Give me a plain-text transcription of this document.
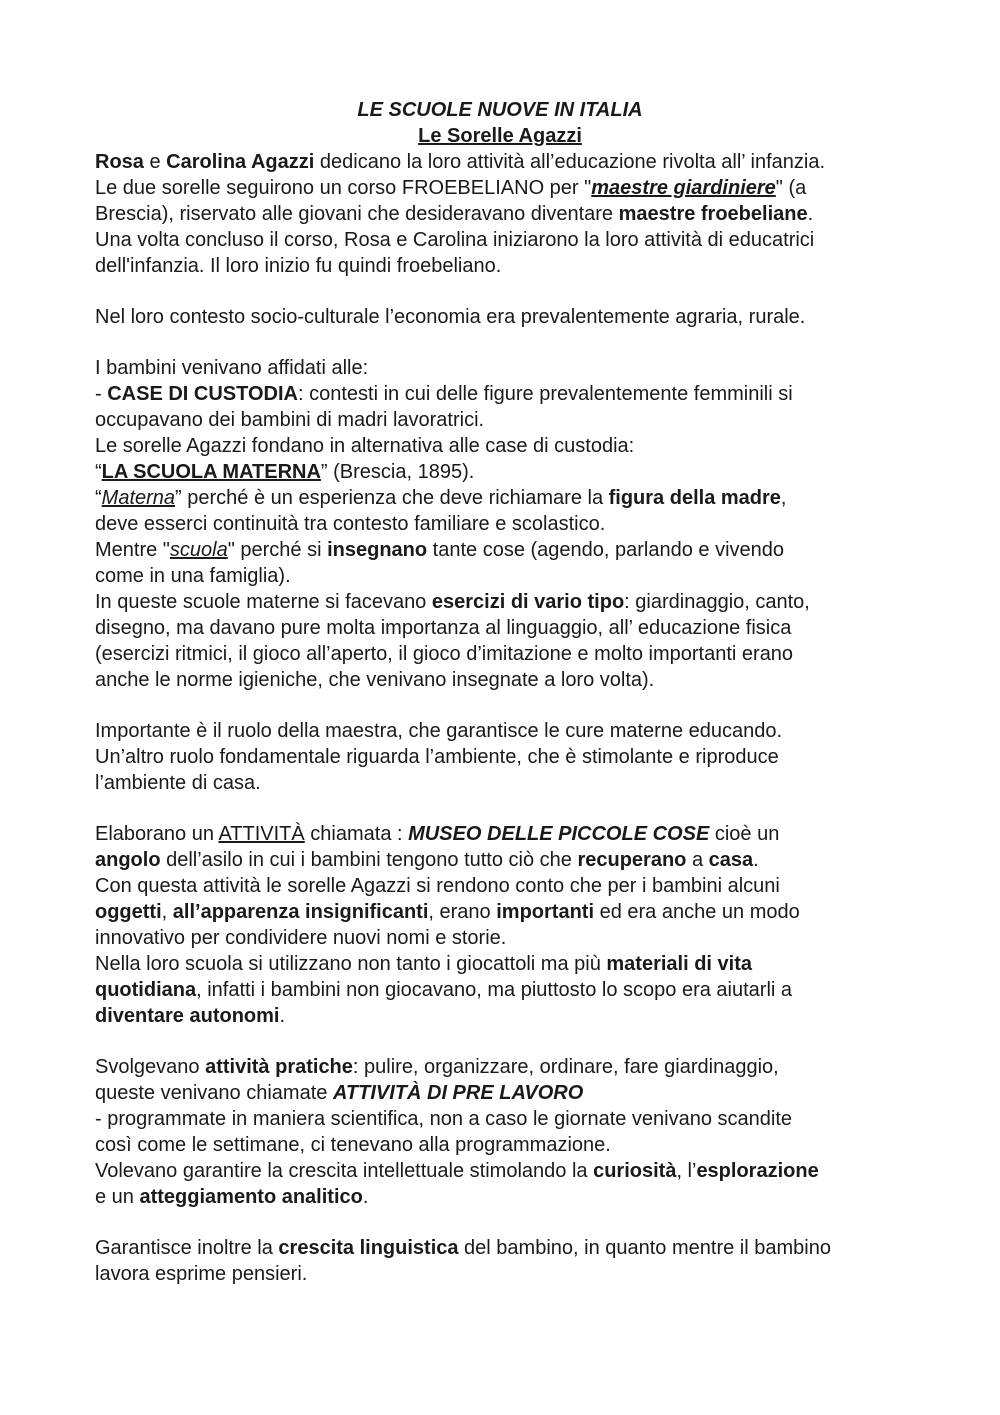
LE SCUOLE NUOVE IN ITALIA
Le Sorelle Agazzi
Rosa e Carolina Agazzi dedicano la loro attività all’educazione rivolta all’ infanzia.
Le due sorelle seguirono un corso FROEBELIANO per "maestre giardiniere" (a
Brescia), riservato alle giovani che desideravano diventare maestre froebeliane.
Una volta concluso il corso, Rosa e Carolina iniziarono la loro attività di educatrici
dell'infanzia. Il loro inizio fu quindi froebeliano.
Nel loro contesto socio-culturale l’economia era prevalentemente agraria, rurale.
I bambini venivano affidati alle:
- CASE DI CUSTODIA: contesti in cui delle figure prevalentemente femminili si
occupavano dei bambini di madri lavoratrici.
Le sorelle Agazzi fondano in alternativa alle case di custodia:
“LA SCUOLA MATERNA” (Brescia, 1895).
“Materna” perché è un esperienza che deve richiamare la figura della madre,
deve esserci continuità tra contesto familiare e scolastico.
Mentre "scuola" perché si insegnano tante cose (agendo, parlando e vivendo
come in una famiglia).
In queste scuole materne si facevano esercizi di vario tipo: giardinaggio, canto,
disegno, ma davano pure molta importanza al linguaggio, all’ educazione fisica
(esercizi ritmici, il gioco all’aperto, il gioco d’imitazione e molto importanti erano
anche le norme igieniche, che venivano insegnate a loro volta).
Importante è il ruolo della maestra, che garantisce le cure materne educando.
Un’altro ruolo fondamentale riguarda l’ambiente, che è stimolante e riproduce
l’ambiente di casa.
Elaborano un ATTIVITÀ chiamata : MUSEO DELLE PICCOLE COSE cioè un
angolo dell’asilo in cui i bambini tengono tutto ciò che recuperano a casa.
Con questa attività le sorelle Agazzi si rendono conto che per i bambini alcuni
oggetti, all’apparenza insignificanti, erano importanti ed era anche un modo
innovativo per condividere nuovi nomi e storie.
Nella loro scuola si utilizzano non tanto i giocattoli ma più materiali di vita
quotidiana, infatti i bambini non giocavano, ma piuttosto lo scopo era aiutarli a
diventare autonomi.
Svolgevano attività pratiche: pulire, organizzare, ordinare, fare giardinaggio,
queste venivano chiamate ATTIVITÀ DI PRE LAVORO
- programmate in maniera scientifica, non a caso le giornate venivano scandite
così come le settimane, ci tenevano alla programmazione.
Volevano garantire la crescita intellettuale stimolando la curiosità, l’esplorazione
e un atteggiamento analitico.
Garantisce inoltre la crescita linguistica del bambino, in quanto mentre il bambino
lavora esprime pensieri.
